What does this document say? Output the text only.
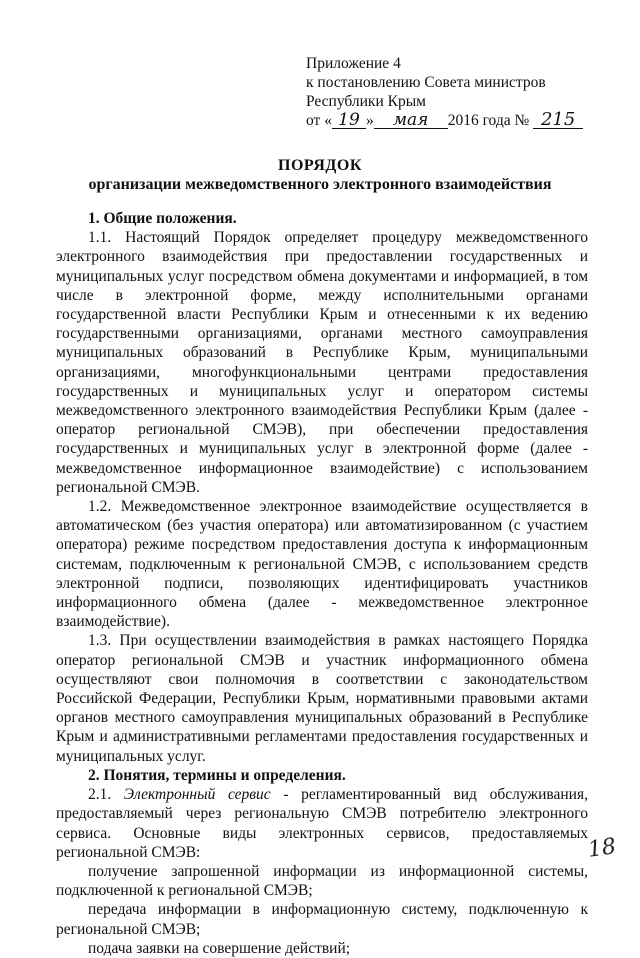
Приложение 4
к постановлению Совета министров
Республики Крым
от « 19 » мая 2016 года № 215
ПОРЯДОК
организации межведомственного электронного взаимодействия

1. Общие положения.

1.1. Настоящий Порядок определяет процедуру межведомственного электронного взаимодействия при предоставлении государственных и муниципальных услуг посредством обмена документами и информацией, в том числе в электронной форме, между исполнительными органами государственной власти Республики Крым и отнесенными к их ведению государственными организациями, органами местного самоуправления муниципальных образований в Республике Крым, муниципальными организациями, многофункциональными центрами предоставления государственных и муниципальных услуг и оператором системы межведомственного электронного взаимодействия Республики Крым (далее - оператор региональной СМЭВ), при обеспечении предоставления государственных и муниципальных услуг в электронной форме (далее - межведомственное информационное взаимодействие) с использованием региональной СМЭВ.

1.2. Межведомственное электронное взаимодействие осуществляется в автоматическом (без участия оператора) или автоматизированном (с участием оператора) режиме посредством предоставления доступа к информационным системам, подключенным к региональной СМЭВ, с использованием средств электронной подписи, позволяющих идентифицировать участников информационного обмена (далее - межведомственное электронное взаимодействие).

1.3. При осуществлении взаимодействия в рамках настоящего Порядка оператор региональной СМЭВ и участник информационного обмена осуществляют свои полномочия в соответствии с законодательством Российской Федерации, Республики Крым, нормативными правовыми актами органов местного самоуправления муниципальных образований в Республике Крым и административными регламентами предоставления государственных и муниципальных услуг.

2. Понятия, термины и определения.

2.1. Электронный сервис - регламентированный вид обслуживания, предоставляемый через региональную СМЭВ потребителю электронного сервиса. Основные виды электронных сервисов, предоставляемых региональной СМЭВ:

получение запрошенной информации из информационной системы, подключенной к региональной СМЭВ;

передача информации в информационную систему, подключенную к региональной СМЭВ;

подача заявки на совершение действий;

18
